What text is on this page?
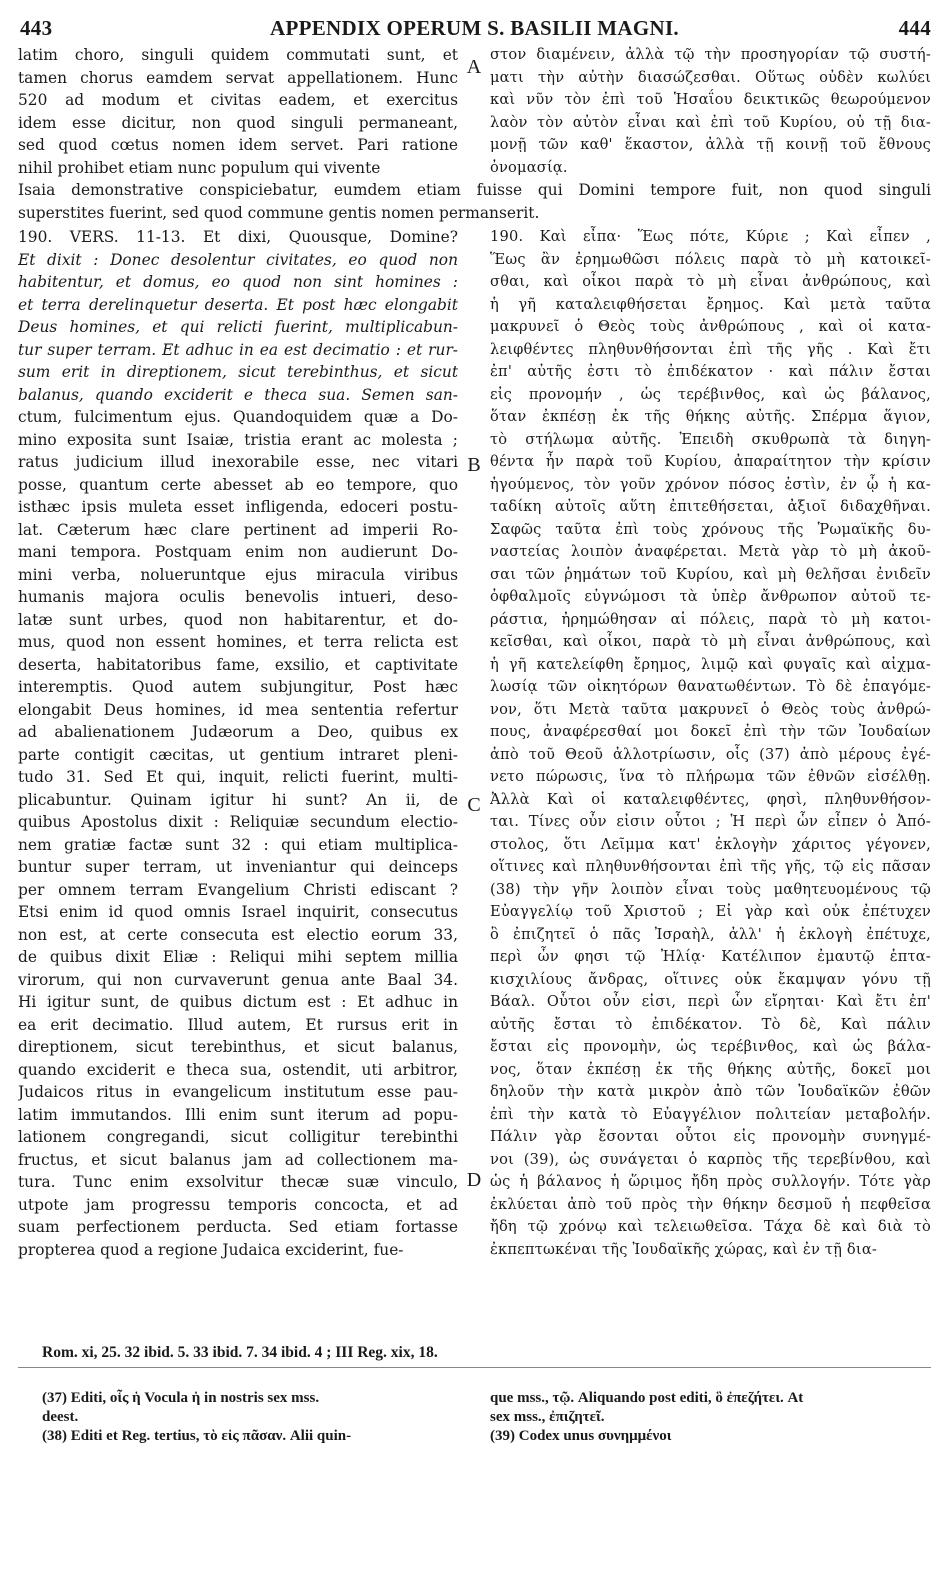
443	APPENDIX OPERUM S. BASILII MAGNI.	444
latim choro, singuli quidem commutati sunt, et
tamen chorus eamdem servat appellationem. Hunc
520 ad modum et civitas eadem, et exercitus
idem esse dicitur, non quod singuli permaneant,
sed quod cœtus nomen idem servet. Pari ratione
nihil prohibet etiam nunc populum qui vivente
στον διαμένειν, ἀλλὰ τῷ τὴν προσηγορίαν τῷ συστή-
ματι τὴν αὐτὴν διασώζεσθαι. Οὕτως οὐδὲν κωλύει
καὶ νῦν τὸν ἐπὶ τοῦ Ἡσαΐου δεικτικῶς θεωρούμενον
λαὸν τὸν αὐτὸν εἶναι καὶ ἐπὶ τοῦ Κυρίου, οὐ τῇ δια-
μονῇ τῶν καθ' ἕκαστον, ἀλλὰ τῇ κοινῇ τοῦ ἔθνους
ὀνομασίᾳ.
Isaia demonstrative conspiciebatur, eumdem etiam fuisse qui Domini tempore fuit, non quod singuli
superstites fuerint, sed quod commune gentis nomen permanserit.
190. VERS. 11-13. Et dixi, Quousque, Domine?
Et dixit : Donec desolentur civitates, eo quod non
habitentur, et domus, eo quod non sint homines :
et terra derelinquetur deserta. Et post hæc elongabit
Deus homines, et qui relicti fuerint, multiplicabun-
tur super terram. Et adhuc in ea est decimatio : et rur-
sum erit in direptionem, sicut terebinthus, et sicut
balanus, quando exciderit e theca sua. Semen san-
ctum, fulcimentum ejus. Quandoquidem quæ a Do-
mino exposita sunt Isaiæ, tristia erant ac molesta ;
ratus judicium illud inexorabile esse, nec vitari
posse, quantum certe abesset ab eo tempore, quo
isthæc ipsis muleta esset infligenda, edoceri postu-
lat. Cæterum hæc clare pertinent ad imperii Ro-
mani tempora. Postquam enim non audierunt Do-
mini verba, nolueruntque ejus miracula viribus
humanis majora oculis benevolis intueri, deso-
latæ sunt urbes, quod non habitarentur, et do-
mus, quod non essent homines, et terra relicta est
deserta, habitatoribus fame, exsilio, et captivitate
interemptis. Quod autem subjungitur, Post hæc
elongabit Deus homines, id mea sententia refertur
ad abalienationem Judæorum a Deo, quibus ex
parte contigit cæcitas, ut gentium intraret pleni-
tudo 31. Sed Et qui, inquit, relicti fuerint, multi-
plicabuntur. Quinam igitur hi sunt? An ii, de
quibus Apostolus dixit : Reliquiæ secundum electio-
nem gratiæ factæ sunt 32 : qui etiam multiplica-
buntur super terram, ut inveniantur qui deinceps
per omnem terram Evangelium Christi ediscant ?
Etsi enim id quod omnis Israel inquirit, consecutus
non est, at certe consecuta est electio eorum 33,
de quibus dixit Eliæ : Reliqui mihi septem millia
virorum, qui non curvaverunt genua ante Baal 34.
Hi igitur sunt, de quibus dictum est : Et adhuc in
ea erit decimatio. Illud autem, Et rursus erit in
direptionem, sicut terebinthus, et sicut balanus,
quando exciderit e theca sua, ostendit, uti arbitror,
Judaicos ritus in evangelicum institutum esse pau-
latim immutandos. Illi enim sunt iterum ad popu-
lationem congregandi, sicut colligitur terebinthi
fructus, et sicut balanus jam ad collectionem ma-
tura. Tunc enim exsolvitur thecæ suæ vinculo,
utpote jam progressu temporis concocta, et ad
suam perfectionem perducta. Sed etiam fortasse
propterea quod a regione Judaica exciderint, fue-
190. Καὶ εἶπα· Ἕως πότε, Κύριε ; Καὶ εἶπεν ,
Ἕως ἂν ἐρημωθῶσι πόλεις παρὰ τὸ μὴ κατοικεῖ-
σθαι, καὶ οἶκοι παρὰ τὸ μὴ εἶναι ἀνθρώπους, καὶ
ἡ γῆ καταλειφθήσεται ἔρημος. Καὶ μετὰ ταῦτα
μακρυνεῖ ὁ Θεὸς τοὺς ἀνθρώπους , καὶ οἱ κατα-
λειφθέντες πληθυνθήσονται ἐπὶ τῆς γῆς . Καὶ ἔτι
ἐπ' αὐτῆς ἐστι τὸ ἐπιδέκατον · καὶ πάλιν ἔσται
εἰς προνομήν , ὡς τερέβινθος, καὶ ὡς βάλανος,
ὅταν ἐκπέσῃ ἐκ τῆς θήκης αὐτῆς. Σπέρμα ἅγιον,
τὸ στήλωμα αὐτῆς. Ἐπειδὴ σκυθρωπὰ τὰ διηγη-
θέντα ἦν παρὰ τοῦ Κυρίου, ἀπαραίτητον τὴν κρίσιν
ἡγούμενος, τὸν γοῦν χρόνον πόσος ἐστὶν, ἐν ᾧ ἡ κα-
ταδίκη αὐτοῖς αὕτη ἐπιτεθήσεται, ἀξιοῖ διδαχθῆναι.
Σαφῶς ταῦτα ἐπὶ τοὺς χρόνους τῆς Ῥωμαϊκῆς δυ-
ναστείας λοιπὸν ἀναφέρεται. Μετὰ γὰρ τὸ μὴ ἀκοῦ-
σαι τῶν ῥημάτων τοῦ Κυρίου, καὶ μὴ θελῆσαι ἐνιδεῖν
ὀφθαλμοῖς εὐγνώμοσι τὰ ὑπὲρ ἄνθρωπον αὐτοῦ τε-
ράστια, ἠρημώθησαν αἱ πόλεις, παρὰ τὸ μὴ κατοι-
κεῖσθαι, καὶ οἶκοι, παρὰ τὸ μὴ εἶναι ἀνθρώπους, καὶ
ἡ γῆ κατελείφθη ἔρημος, λιμῷ καὶ φυγαῖς καὶ αἰχμα-
λωσίᾳ τῶν οἰκητόρων θανατωθέντων. Τὸ δὲ ἐπαγόμε-
νον, ὅτι Μετὰ ταῦτα μακρυνεῖ ὁ Θεὸς τοὺς ἀνθρώ-
πους, ἀναφέρεσθαί μοι δοκεῖ ἐπὶ τὴν τῶν Ἰουδαίων
ἀπὸ τοῦ Θεοῦ ἀλλοτρίωσιν, οἷς (37) ἀπὸ μέρους ἐγέ-
νετο πώρωσις, ἵνα τὸ πλήρωμα τῶν ἐθνῶν εἰσέλθῃ.
Ἀλλὰ Καὶ οἱ καταλειφθέντες, φησὶ, πληθυνθήσον-
ται. Τίνες οὖν εἰσιν οὗτοι ; Ἡ περὶ ὧν εἶπεν ὁ Ἀπό-
στολος, ὅτι Λεῖμμα κατ' ἐκλογὴν χάριτος γέγονεν,
οἵτινες καὶ πληθυνθήσονται ἐπὶ τῆς γῆς, τῷ εἰς πᾶσαν
(38) τὴν γῆν λοιπὸν εἶναι τοὺς μαθητευομένους τῷ
Εὐαγγελίῳ τοῦ Χριστοῦ ; Εἰ γὰρ καὶ οὐκ ἐπέτυχεν
ὃ ἐπιζητεῖ ὁ πᾶς Ἰσραὴλ, ἀλλ' ἡ ἐκλογὴ ἐπέτυχε,
περὶ ὧν φησι τῷ Ἠλίᾳ· Κατέλιπον ἐμαυτῷ ἑπτα-
κισχιλίους ἄνδρας, οἵτινες οὐκ ἔκαμψαν γόνυ τῇ
Βάαλ. Οὗτοι οὖν εἰσι, περὶ ὧν εἴρηται· Καὶ ἔτι ἐπ'
αὐτῆς ἔσται τὸ ἐπιδέκατον. Τὸ δὲ, Καὶ πάλιν
ἔσται εἰς προνομὴν, ὡς τερέβινθος, καὶ ὡς βάλα-
νος, ὅταν ἐκπέσῃ ἐκ τῆς θήκης αὐτῆς, δοκεῖ μοι
δηλοῦν τὴν κατὰ μικρὸν ἀπὸ τῶν Ἰουδαϊκῶν ἐθῶν
ἐπὶ τὴν κατὰ τὸ Εὐαγγέλιον πολιτείαν μεταβολήν.
Πάλιν γὰρ ἔσονται οὗτοι εἰς προνομὴν συνηγμέ-
νοι (39), ὡς συνάγεται ὁ καρπὸς τῆς τερεβίνθου, καὶ
ὡς ἡ βάλανος ἡ ὥριμος ἤδη πρὸς συλλογήν. Τότε γὰρ
ἐκλύεται ἀπὸ τοῦ πρὸς τὴν θήκην δεσμοῦ ἡ πεφθεῖσα
ἤδη τῷ χρόνῳ καὶ τελειωθεῖσα. Τάχα δὲ καὶ διὰ τὸ
ἐκπεπτωκέναι τῆς Ἰουδαϊκῆς χώρας, καὶ ἐν τῇ δια-
A
B
C
D
Rom. xi, 25. 32 ibid. 5. 33 ibid. 7. 34 ibid. 4 ; III Reg. xix, 18.
(37) Editi, οἷς ἡ Vocula ἡ in nostris sex mss.
deest.
(38) Editi et Reg. tertius, τὸ εἰς πᾶσαν. Alii quin-
que mss., τῷ. Aliquando post editi, ὃ ἐπεζήτει. At
sex mss., ἐπιζητεῖ.
(39) Codex unus συνημμένοι
